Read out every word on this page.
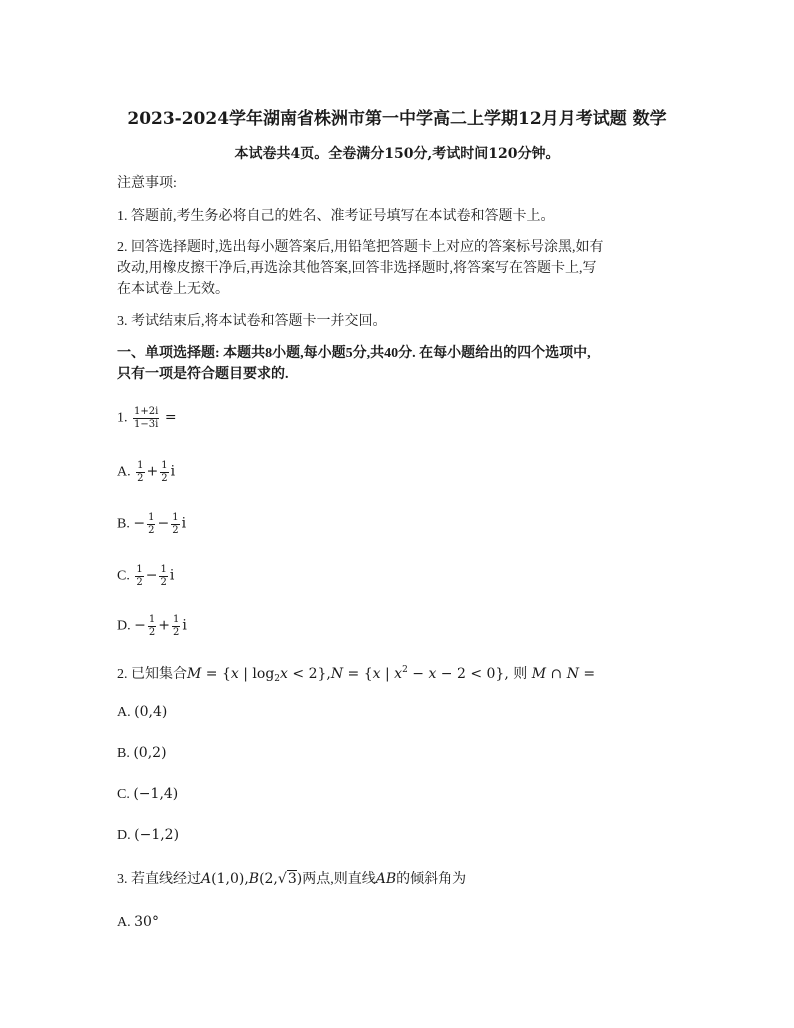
2023-2024学年湖南省株洲市第一中学高二上学期12月月考试题 数学
本试卷共4页。全卷满分150分,考试时间120分钟。
注意事项:
1. 答题前,考生务必将自己的姓名、准考证号填写在本试卷和答题卡上。
2. 回答选择题时,选出每小题答案后,用铅笔把答题卡上对应的答案标号涂黑,如有
改动,用橡皮擦干净后,再选涂其他答案,回答非选择题时,将答案写在答题卡上,写
在本试卷上无效。
3. 考试结束后,将本试卷和答题卡一并交回。
一、单项选择题: 本题共8小题,每小题5分,共40分. 在每小题给出的四个选项中,
只有一项是符合题目要求的.
1. $\frac{1+2i}{1-3i}$ =
A. $\frac{1}{2} + \frac{1}{2}$ i
B. − $\frac{1}{2} - \frac{1}{2}$ i
C. $\frac{1}{2} - \frac{1}{2}$ i
D. − $\frac{1}{2} + \frac{1}{2}$ i
2. 已知集合M = {x | $\log_2x < 2\},N = \{x$ | $x^2 - x - 2 < 0$}, 则 M ∩ N =
A. (0,4)
B. (0,2)
C. (−1,4)
D. (−1,2)
3. 若直线经过A(1,0),B(2,√3)两点,则直线AB的倾斜角为
A. 30°
